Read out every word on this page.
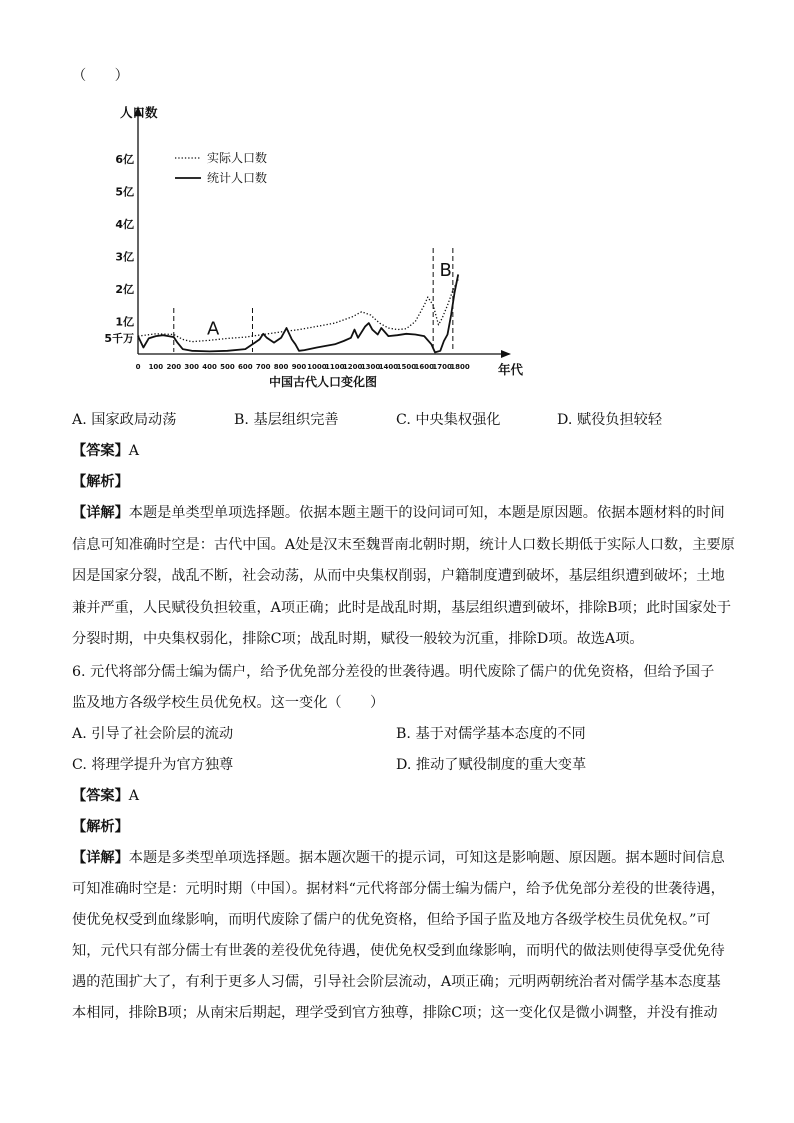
（　　）
5千万
1亿
2亿
3亿
4亿
5亿
6亿
0 100 200 300 400 500 600 700 800 900 1000
1100
1200
1300
1400
1500
1600
1700
1800
A
B
实际人口数
统计人口数
人口数
年代
中国古代人口变化图
A. 国家政局动荡	B. 基层组织完善	C. 中央集权强化	D. 赋役负担较轻
【答案】A
【解析】
【详解】本题是单类型单项选择题。依据本题主题干的设问词可知，本题是原因题。依据本题材料的时间
信息可知准确时空是：古代中国。A处是汉末至魏晋南北朝时期，统计人口数长期低于实际人口数，主要原
因是国家分裂，战乱不断，社会动荡，从而中央集权削弱，户籍制度遭到破坏，基层组织遭到破坏；土地
兼并严重，人民赋役负担较重，A项正确；此时是战乱时期，基层组织遭到破坏，排除B项；此时国家处于
分裂时期，中央集权弱化，排除C项；战乱时期，赋役一般较为沉重，排除D项。故选A项。
6. 元代将部分儒士编为儒户，给予优免部分差役的世袭待遇。明代废除了儒户的优免资格，但给予国子
监及地方各级学校生员优免权。这一变化（　　）
A. 引导了社会阶层的流动	B. 基于对儒学基本态度的不同
C. 将理学提升为官方独尊	D. 推动了赋役制度的重大变革
【答案】A
【解析】
【详解】本题是多类型单项选择题。据本题次题干的提示词，可知这是影响题、原因题。据本题时间信息
可知准确时空是：元明时期（中国）。据材料“元代将部分儒士编为儒户，给予优免部分差役的世袭待遇，
使优免权受到血缘影响，而明代废除了儒户的优免资格，但给予国子监及地方各级学校生员优免权。”可
知，元代只有部分儒士有世袭的差役优免待遇，使优免权受到血缘影响，而明代的做法则使得享受优免待
遇的范围扩大了，有利于更多人习儒，引导社会阶层流动，A项正确；元明两朝统治者对儒学基本态度基
本相同，排除B项；从南宋后期起，理学受到官方独尊，排除C项；这一变化仅是微小调整，并没有推动
